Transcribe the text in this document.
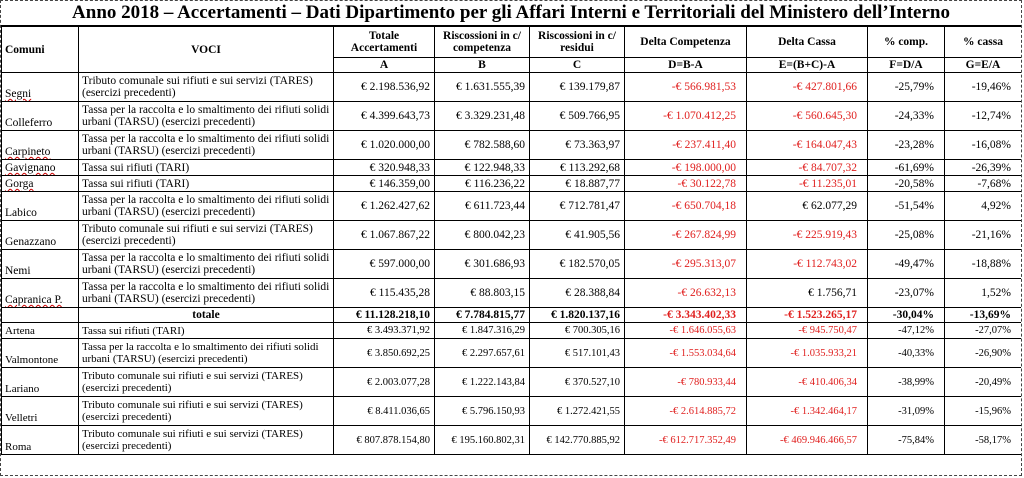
Anno 2018 – Accertamenti – Dati Dipartimento per gli Affari Interni e Territoriali del Ministero dell’Interno
Comuni	VOCI	Totale Accertamenti	Riscossioni in c/ competenza	Riscossioni in c/ residui	Delta Competenza	Delta Cassa	% comp.	% cassa
		A	B	C	D=B-A	E=(B+C)-A	F=D/A	G=E/A
Segni	Tributo comunale sui rifiuti e sui servizi (TARES) (esercizi precedenti)	€ 2.198.536,92	€ 1.631.555,39	€ 139.179,87	-€ 566.981,53	-€ 427.801,66	-25,79%	-19,46%
Colleferro	Tassa per la raccolta e lo smaltimento dei rifiuti solidi urbani (TARSU) (esercizi precedenti)	€ 4.399.643,73	€ 3.329.231,48	€ 509.766,95	-€ 1.070.412,25	-€ 560.645,30	-24,33%	-12,74%
Carpineto	Tassa per la raccolta e lo smaltimento dei rifiuti solidi urbani (TARSU) (esercizi precedenti)	€ 1.020.000,00	€ 782.588,60	€ 73.363,97	-€ 237.411,40	-€ 164.047,43	-23,28%	-16,08%
Gavignano	Tassa sui rifiuti (TARI)	€ 320.948,33	€ 122.948,33	€ 113.292,68	-€ 198.000,00	-€ 84.707,32	-61,69%	-26,39%
Gorga	Tassa sui rifiuti (TARI)	€ 146.359,00	€ 116.236,22	€ 18.887,77	-€ 30.122,78	-€ 11.235,01	-20,58%	-7,68%
Labico	Tassa per la raccolta e lo smaltimento dei rifiuti solidi urbani (TARSU) (esercizi precedenti)	€ 1.262.427,62	€ 611.723,44	€ 712.781,47	-€ 650.704,18	€ 62.077,29	-51,54%	4,92%
Genazzano	Tributo comunale sui rifiuti e sui servizi (TARES) (esercizi precedenti)	€ 1.067.867,22	€ 800.042,23	€ 41.905,56	-€ 267.824,99	-€ 225.919,43	-25,08%	-21,16%
Nemi	Tassa per la raccolta e lo smaltimento dei rifiuti solidi urbani (TARSU) (esercizi precedenti)	€ 597.000,00	€ 301.686,93	€ 182.570,05	-€ 295.313,07	-€ 112.743,02	-49,47%	-18,88%
Capranica P.	Tassa per la raccolta e lo smaltimento dei rifiuti solidi urbani (TARSU) (esercizi precedenti)	€ 115.435,28	€ 88.803,15	€ 28.388,84	-€ 26.632,13	€ 1.756,71	-23,07%	1,52%
	totale	€ 11.128.218,10	€ 7.784.815,77	€ 1.820.137,16	-€ 3.343.402,33	-€ 1.523.265,17	-30,04%	-13,69%
Artena	Tassa sui rifiuti (TARI)	€ 3.493.371,92	€ 1.847.316,29	€ 700.305,16	-€ 1.646.055,63	-€ 945.750,47	-47,12%	-27,07%
Valmontone	Tassa per la raccolta e lo smaltimento dei rifiuti solidi urbani (TARSU) (esercizi precedenti)	€ 3.850.692,25	€ 2.297.657,61	€ 517.101,43	-€ 1.553.034,64	-€ 1.035.933,21	-40,33%	-26,90%
Lariano	Tributo comunale sui rifiuti e sui servizi (TARES) (esercizi precedenti)	€ 2.003.077,28	€ 1.222.143,84	€ 370.527,10	-€ 780.933,44	-€ 410.406,34	-38,99%	-20,49%
Velletri	Tributo comunale sui rifiuti e sui servizi (TARES) (esercizi precedenti)	€ 8.411.036,65	€ 5.796.150,93	€ 1.272.421,55	-€ 2.614.885,72	-€ 1.342.464,17	-31,09%	-15,96%
Roma	Tributo comunale sui rifiuti e sui servizi (TARES) (esercizi precedenti)	€ 807.878.154,80	€ 195.160.802,31	€ 142.770.885,92	-€ 612.717.352,49	-€ 469.946.466,57	-75,84%	-58,17%
